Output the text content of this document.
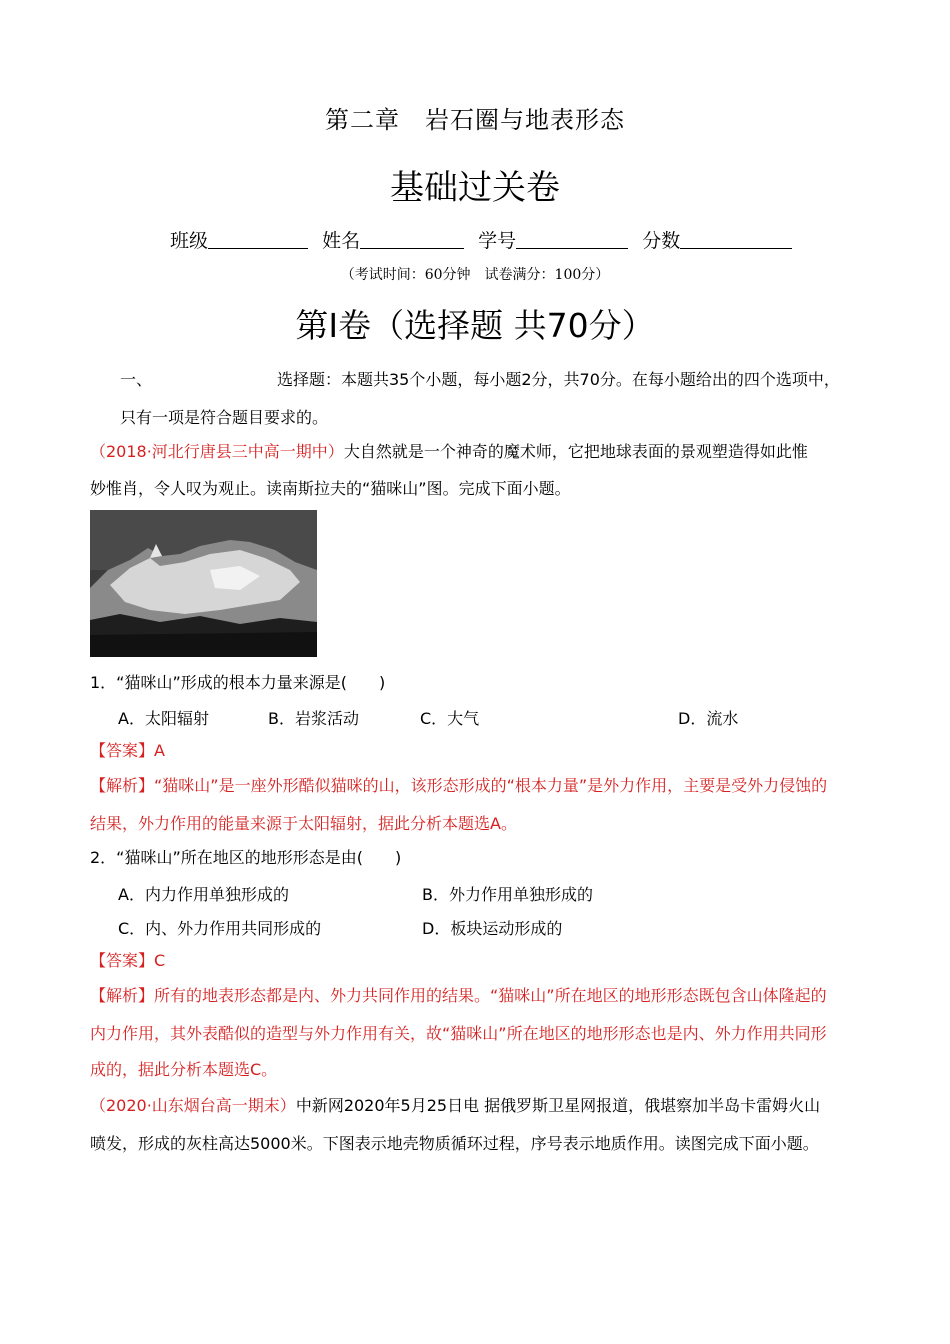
第二章　岩石圈与地表形态
基础过关卷
班级	姓名	学号	分数
（考试时间：60分钟　试卷满分：100分）
第I卷（选择题 共70分）
一、	选择题：本题共35个小题，每小题2分，共70分。在每小题给出的四个选项中，
只有一项是符合题目要求的。
（2018·河北行唐县三中高一期中）大自然就是一个神奇的魔术师，它把地球表面的景观塑造得如此惟
妙惟肖，令人叹为观止。读南斯拉夫的“猫咪山”图。完成下面小题。
1．“猫咪山”形成的根本力量来源是(　　)
A．太阳辐射	B．岩浆活动	C．大气	D．流水
【答案】A
【解析】“猫咪山”是一座外形酷似猫咪的山，该形态形成的“根本力量”是外力作用，主要是受外力侵蚀的
结果，外力作用的能量来源于太阳辐射，据此分析本题选A。
2．“猫咪山”所在地区的地形形态是由(　　)
A．内力作用单独形成的	B．外力作用单独形成的
C．内、外力作用共同形成的	D．板块运动形成的
【答案】C
【解析】所有的地表形态都是内、外力共同作用的结果。“猫咪山”所在地区的地形形态既包含山体隆起的
内力作用，其外表酷似的造型与外力作用有关，故“猫咪山”所在地区的地形形态也是内、外力作用共同形
成的，据此分析本题选C。
（2020·山东烟台高一期末）中新网2020年5月25日电 据俄罗斯卫星网报道，俄堪察加半岛卡雷姆火山
喷发，形成的灰柱高达5000米。下图表示地壳物质循环过程，序号表示地质作用。读图完成下面小题。
